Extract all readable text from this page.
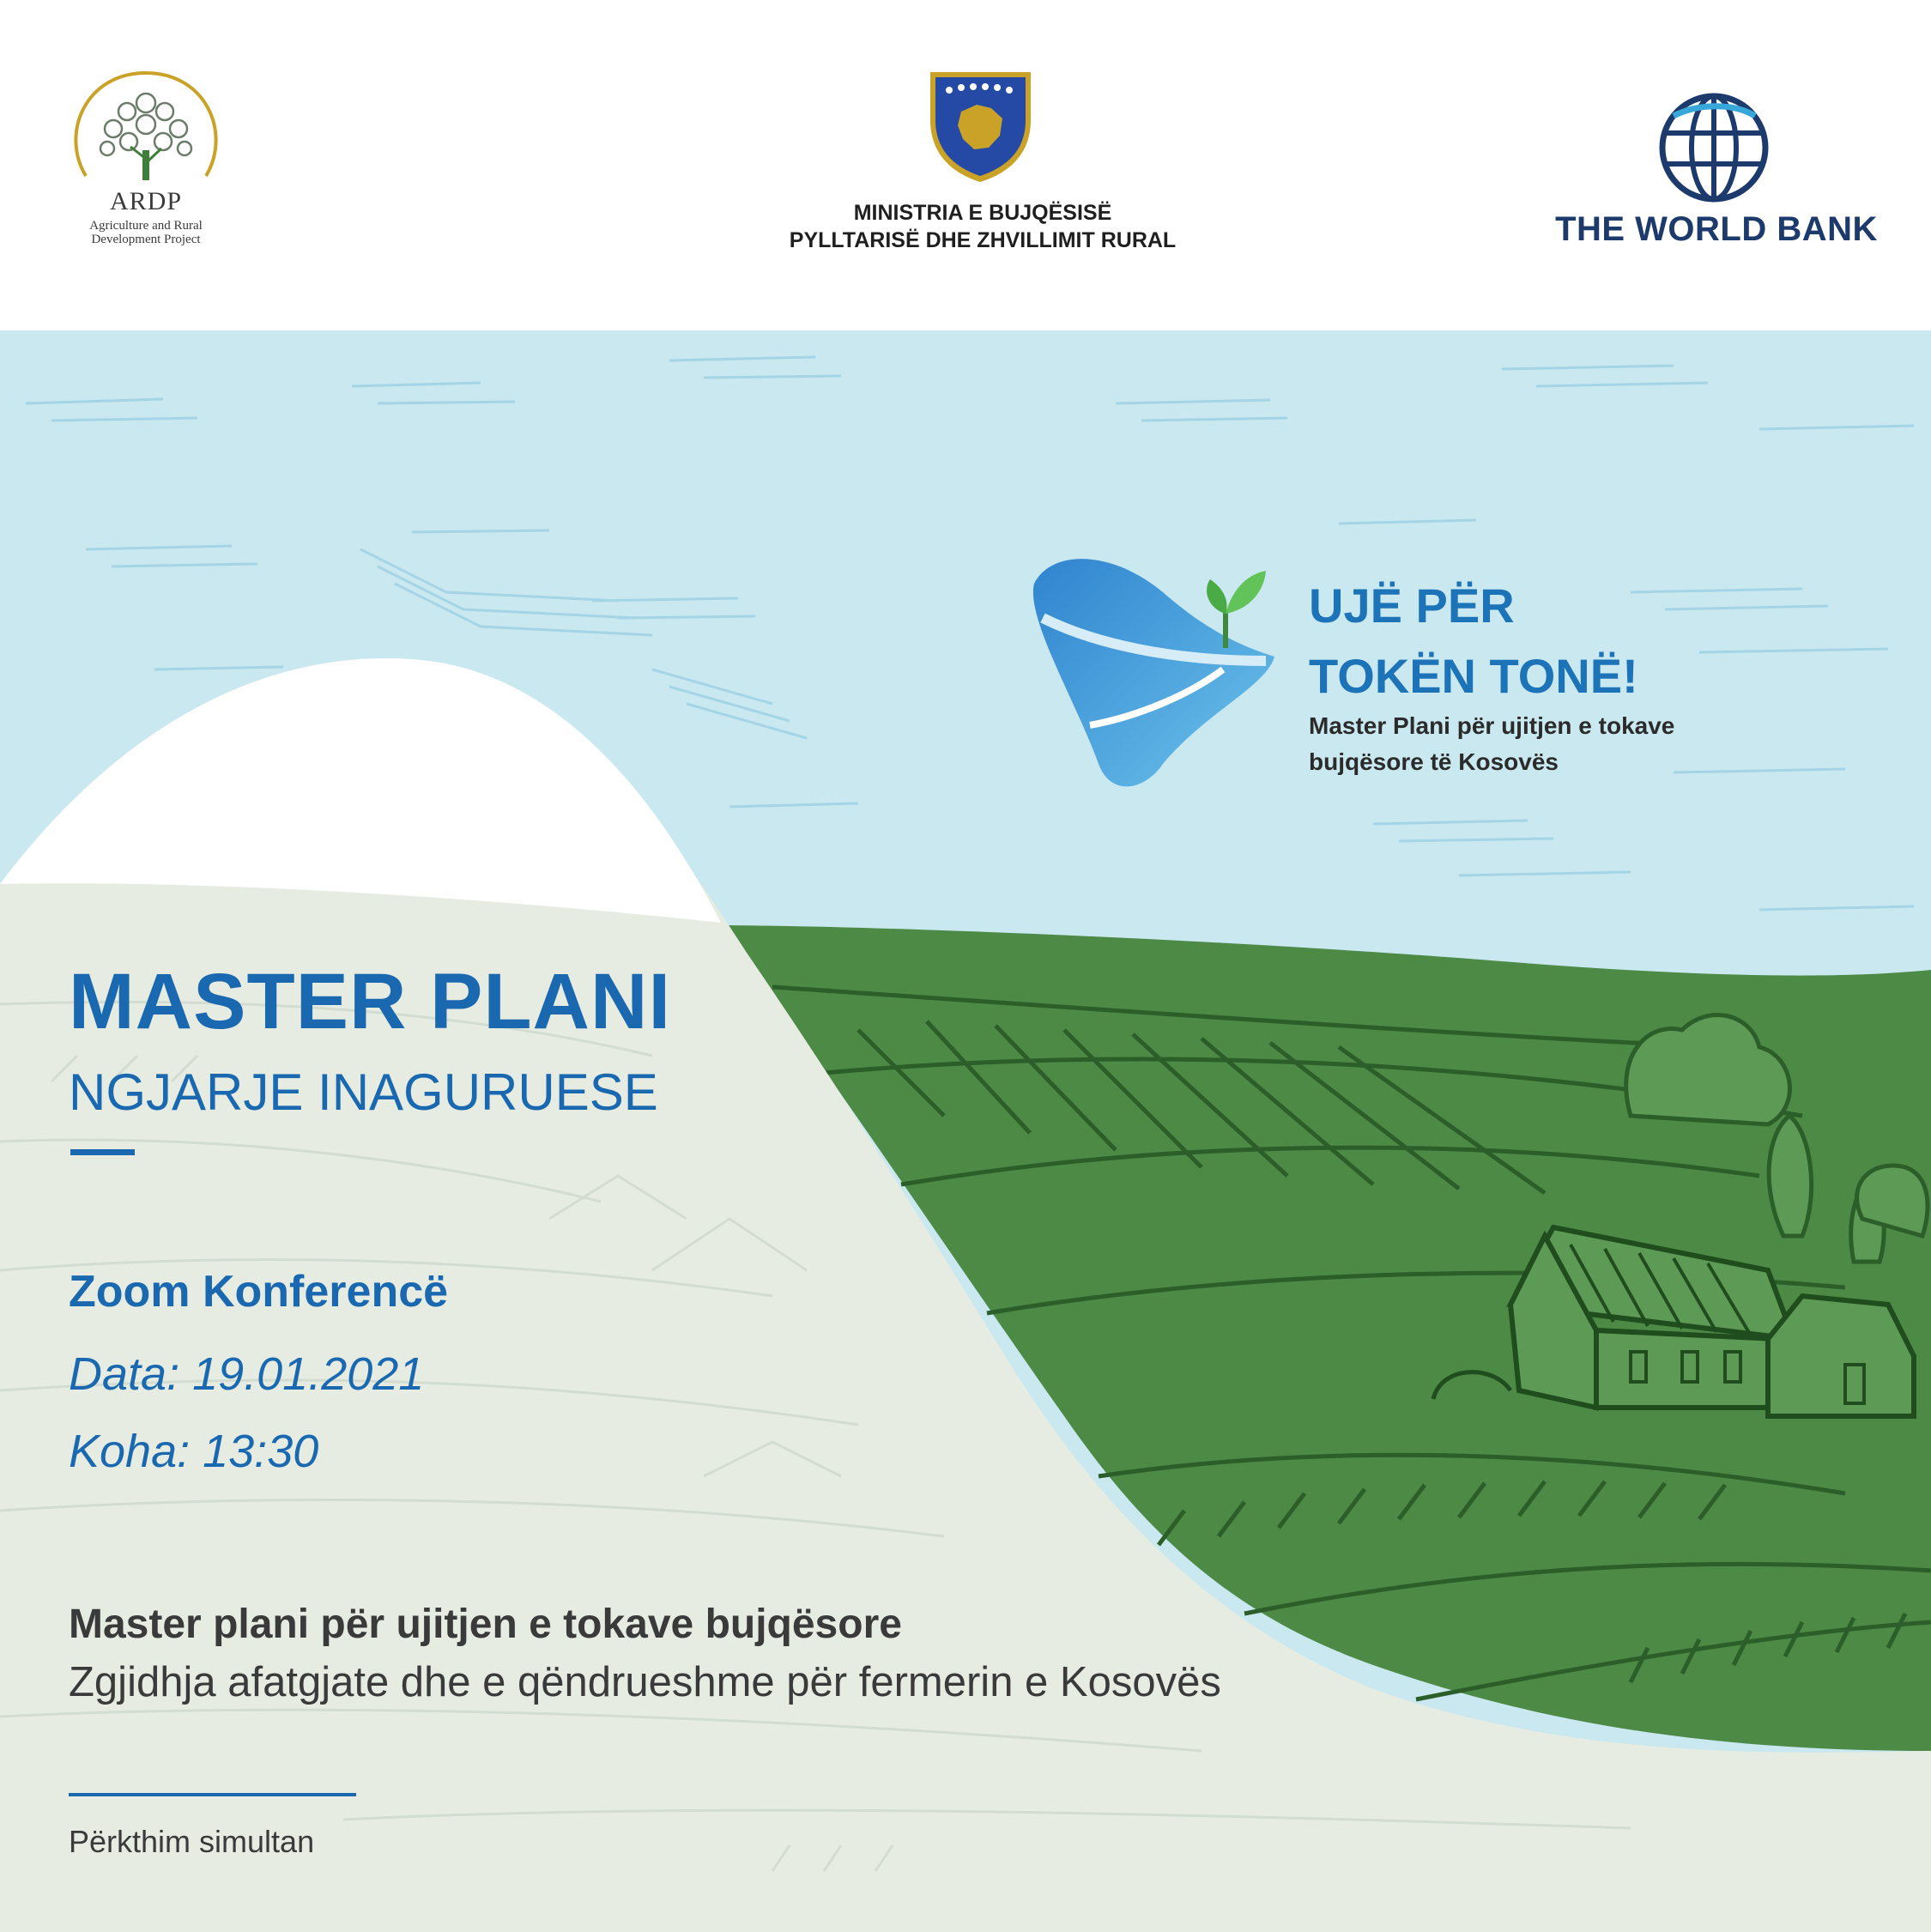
ARDP
Agriculture and Rural
Development Project
MINISTRIA E BUJQËSISË
PYLLTARISË DHE ZHVILLIMIT RURAL	THE WORLD BANK
UJË PËR
TOKËN TONË!
Master Plani për ujitjen e tokave
bujqësore të Kosovës
MASTER PLANI
NGJARJE INAGURUESE
Zoom Konferencë
Data: 19.01.2021
Koha: 13:30
Master plani për ujitjen e tokave bujqësore
Zgjidhja afatgjate dhe e qëndrueshme për fermerin e Kosovës
Përkthim simultan
